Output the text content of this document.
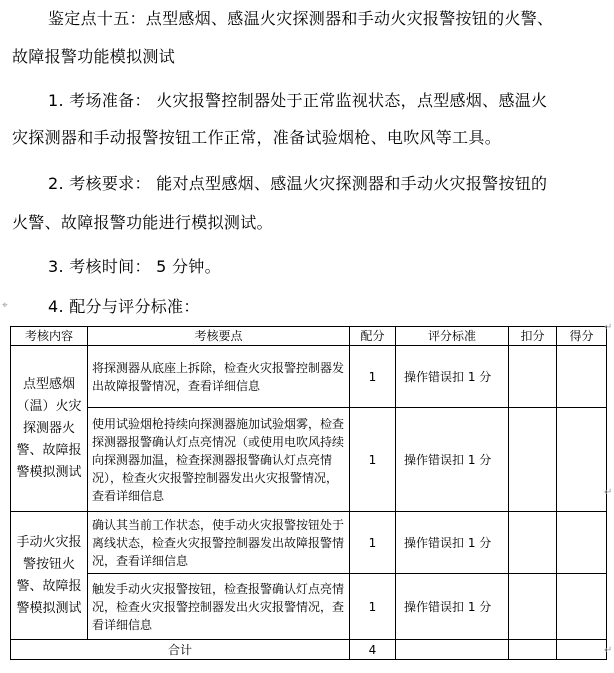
鉴定点十五：点型感烟、感温火灾探测器和手动火灾报警按钮的火警、
故障报警功能模拟测试
1. 考场准备： 火灾报警控制器处于正常监视状态，点型感烟、感温火
灾探测器和手动报警按钮工作正常，准备试验烟枪、电吹风等工具。
2. 考核要求： 能对点型感烟、感温火灾探测器和手动火灾报警按钮的
火警、故障报警功能进行模拟测试。
3. 考核时间： 5 分钟。
4. 配分与评分标准：
⌖
考核内容	考核要点	配分	评分标准	扣分	得分
点型感烟（温）火灾探测器火警、故障报警模拟测试	将探测器从底座上拆除，检查火灾报警控制器发出故障报警情况，查看详细信息	1	操作错误扣 1 分		
	使用试验烟枪持续向探测器施加试验烟雾，检查探测器报警确认灯点亮情况（或使用电吹风持续向探测器加温，检查探测器报警确认灯点亮情况），检查火灾报警控制器发出火灾报警情况，查看详细信息	1	操作错误扣 1 分		
手动火灾报警按钮火警、故障报警模拟测试	确认其当前工作状态，使手动火灾报警按钮处于离线状态，检查火灾报警控制器发出故障报警情况，查看详细信息	1	操作错误扣 1 分		
	触发手动火灾报警按钮，检查报警确认灯点亮情况，检查火灾报警控制器发出火灾报警情况，查看详细信息	1	操作错误扣 1 分		
合计		4			
↵
↵
↵
